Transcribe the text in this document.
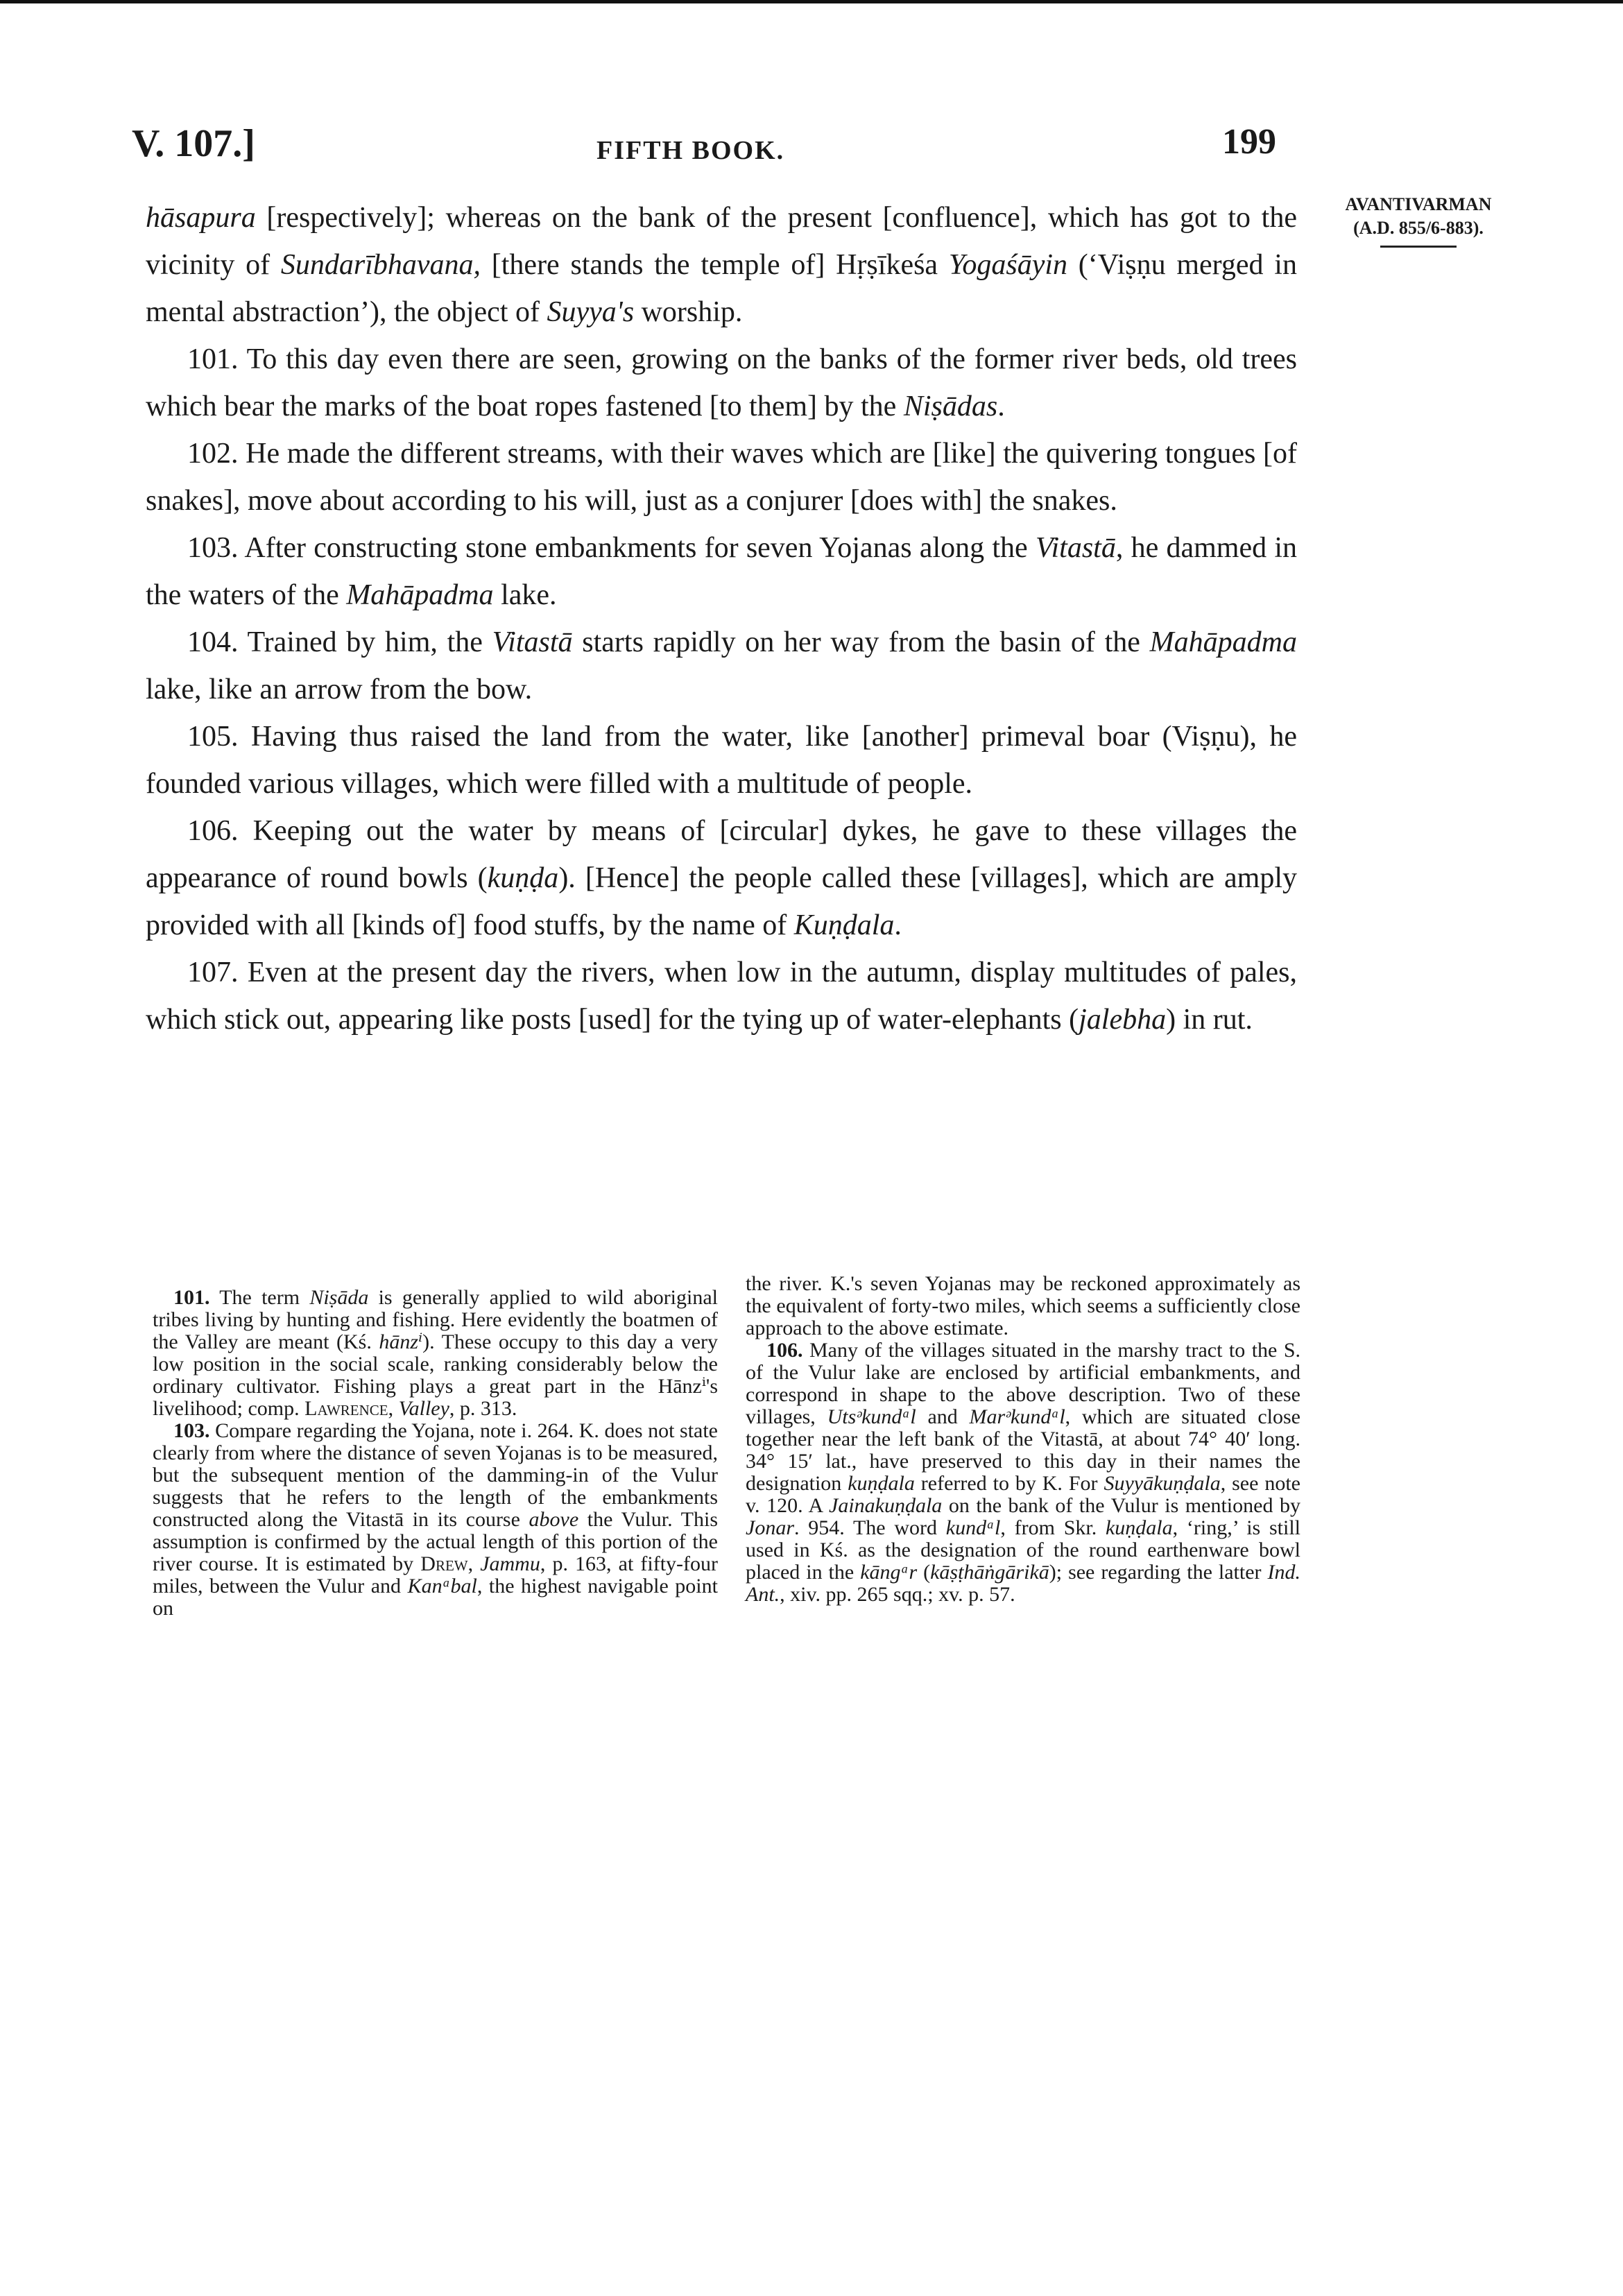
V. 107.]	FIFTH BOOK.	199
AVANTIVARMAN
(A.D. 855/6-883).

hāsapura [respectively]; whereas on the bank of the present [confluence], which has got to the vicinity of Sundarībhavana, [there stands the temple of] Hṛṣīkeśa Yogaśāyin (‘Viṣṇu merged in mental abstraction’), the object of Suyya's worship.

101. To this day even there are seen, growing on the banks of the former river beds, old trees which bear the marks of the boat ropes fastened [to them] by the Niṣādas.

102. He made the different streams, with their waves which are [like] the quivering tongues [of snakes], move about according to his will, just as a conjurer [does with] the snakes.

103. After constructing stone embankments for seven Yojanas along the Vitastā, he dammed in the waters of the Mahāpadma lake.

104. Trained by him, the Vitastā starts rapidly on her way from the basin of the Mahāpadma lake, like an arrow from the bow.

105. Having thus raised the land from the water, like [another] primeval boar (Viṣṇu), he founded various villages, which were filled with a multitude of people.

106. Keeping out the water by means of [circular] dykes, he gave to these villages the appearance of round bowls (kuṇḍa). [Hence] the people called these [villages], which are amply provided with all [kinds of] food stuffs, by the name of Kuṇḍala.

107. Even at the present day the rivers, when low in the autumn, display multitudes of pales, which stick out, appearing like posts [used] for the tying up of water-elephants (jalebha) in rut.

101. The term Niṣāda is generally applied to wild aboriginal tribes living by hunting and fishing. Here evidently the boatmen of the Valley are meant (Kś. hānzⁱ). These occupy to this day a very low position in the social scale, ranking considerably below the ordinary cultivator. Fishing plays a great part in the Hānzⁱ's livelihood; comp. Lawrence, Valley, p. 313.

103. Compare regarding the Yojana, note i. 264. K. does not state clearly from where the distance of seven Yojanas is to be measured, but the subsequent mention of the damming-in of the Vulur suggests that he refers to the length of the embankments constructed along the Vitastā in its course above the Vulur. This assumption is confirmed by the actual length of this portion of the river course. It is estimated by Drew, Jammu, p. 163, at fifty-four miles, between the Vulur and Kanᵃbal, the highest navigable point on

the river. K.'s seven Yojanas may be reckoned approximately as the equivalent of forty-two miles, which seems a sufficiently close approach to the above estimate.

106. Many of the villages situated in the marshy tract to the S. of the Vulur lake are enclosed by artificial embankments, and correspond in shape to the above description. Two of these villages, Utsᵊkundᵃl and Marᵊkundᵃl, which are situated close together near the left bank of the Vitastā, at about 74° 40′ long. 34° 15′ lat., have preserved to this day in their names the designation kuṇḍala referred to by K. For Suyyākuṇḍala, see note v. 120. A Jainakuṇḍala on the bank of the Vulur is mentioned by Jonar. 954. The word kundᵃl, from Skr. kuṇḍala, ‘ring,’ is still used in Kś. as the designation of the round earthenware bowl placed in the kāngᵃr (kāṣṭhāṅgārikā); see regarding the latter Ind. Ant., xiv. pp. 265 sqq.; xv. p. 57.
